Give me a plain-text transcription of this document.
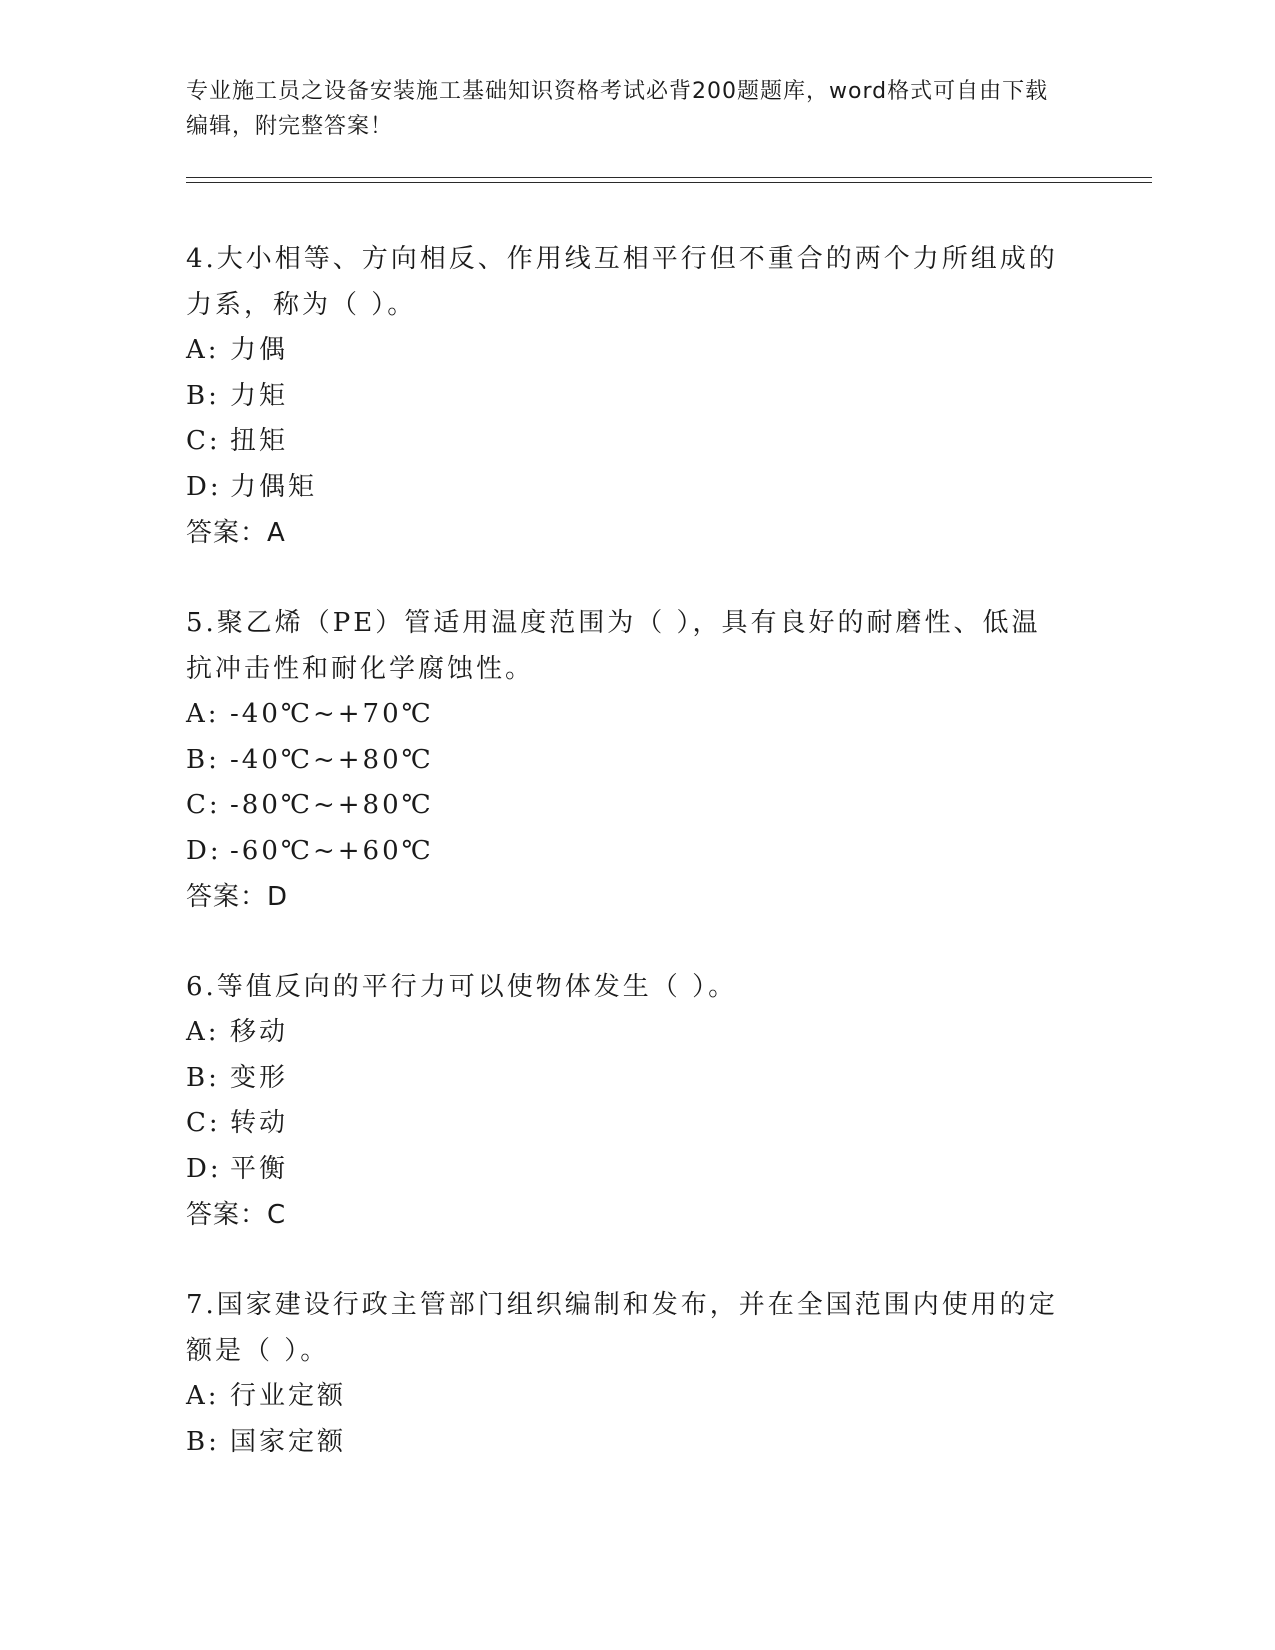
专业施工员之设备安装施工基础知识资格考试必背200题题库，word格式可自由下载编辑，附完整答案！
4.大小相等、方向相反、作用线互相平行但不重合的两个力所组成的力系，称为（ ）。
A: 力偶
B: 力矩
C: 扭矩
D: 力偶矩
答案：A
5.聚乙烯（PE）管适用温度范围为（ ），具有良好的耐磨性、低温抗冲击性和耐化学腐蚀性。
A: -40℃~+70℃
B: -40℃~+80℃
C: -80℃~+80℃
D: -60℃~+60℃
答案：D
6.等值反向的平行力可以使物体发生（ ）。
A: 移动
B: 变形
C: 转动
D: 平衡
答案：C
7.国家建设行政主管部门组织编制和发布，并在全国范围内使用的定额是（ ）。
A: 行业定额
B: 国家定额
